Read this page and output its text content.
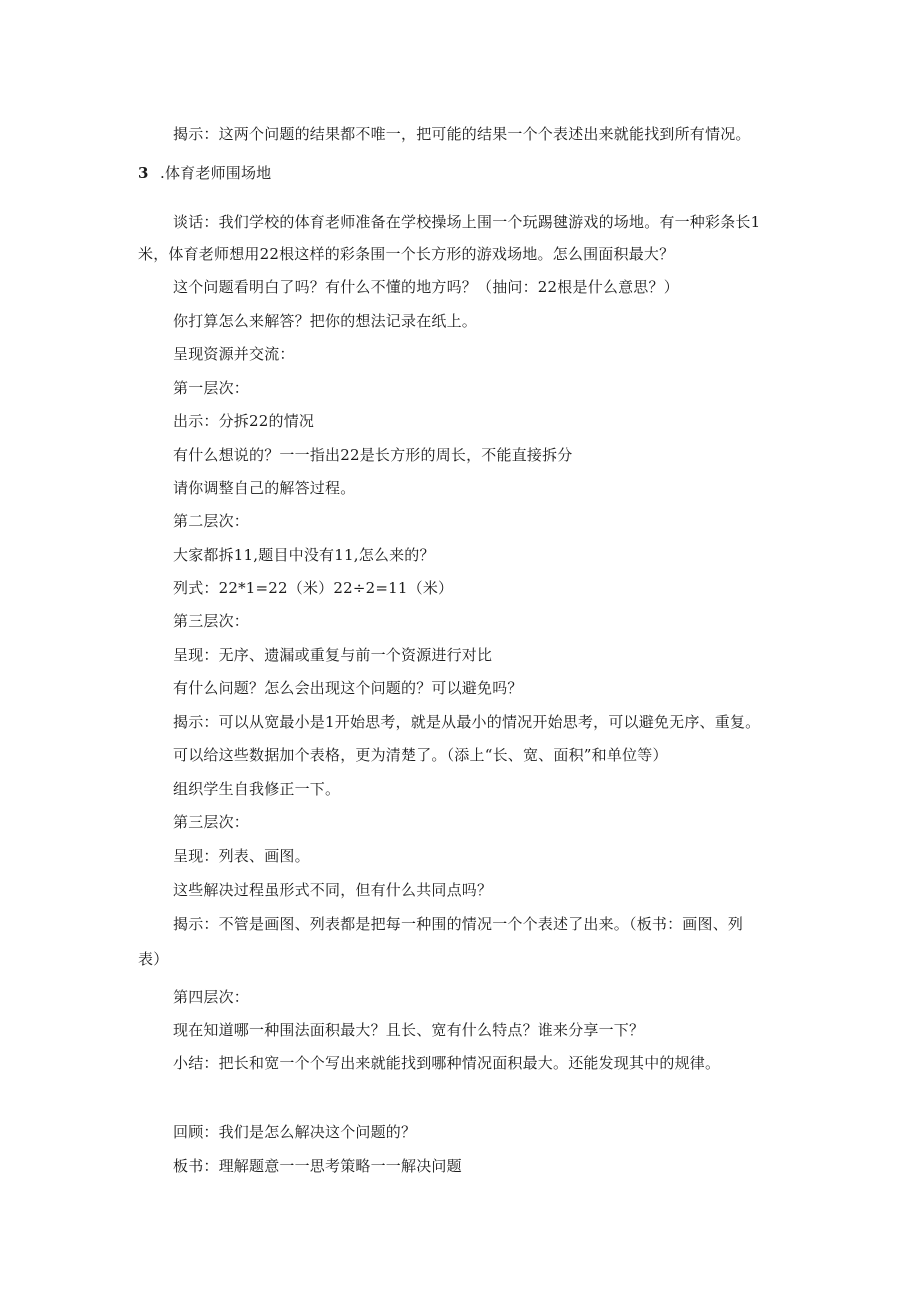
揭示：这两个问题的结果都不唯一，把可能的结果一个个表述出来就能找到所有情况。
3 .体育老师围场地
谈话：我们学校的体育老师准备在学校操场上围一个玩踢毽游戏的场地。有一种彩条长1
米，体育老师想用22根这样的彩条围一个长方形的游戏场地。怎么围面积最大？
这个问题看明白了吗？有什么不懂的地方吗？（抽问：22根是什么意思？）
你打算怎么来解答？把你的想法记录在纸上。
呈现资源并交流：
第一层次：
出示：分拆22的情况
有什么想说的？一一指出22是长方形的周长，不能直接拆分
请你调整自己的解答过程。
第二层次：
大家都拆11,题目中没有11,怎么来的？
列式：22*1=22（米）22÷2=11（米）
第三层次：
呈现：无序、遗漏或重复与前一个资源进行对比
有什么问题？怎么会出现这个问题的？可以避免吗？
揭示：可以从宽最小是1开始思考，就是从最小的情况开始思考，可以避免无序、重复。
可以给这些数据加个表格，更为清楚了。（添上“长、宽、面积”和单位等）
组织学生自我修正一下。
第三层次：
呈现：列表、画图。
这些解决过程虽形式不同，但有什么共同点吗？
揭示：不管是画图、列表都是把每一种围的情况一个个表述了出来。（板书：画图、列
表）
第四层次：
现在知道哪一种围法面积最大？且长、宽有什么特点？谁来分享一下？
小结：把长和宽一个个写出来就能找到哪种情况面积最大。还能发现其中的规律。
回顾：我们是怎么解决这个问题的？
板书：理解题意一一思考策略一一解决问题
